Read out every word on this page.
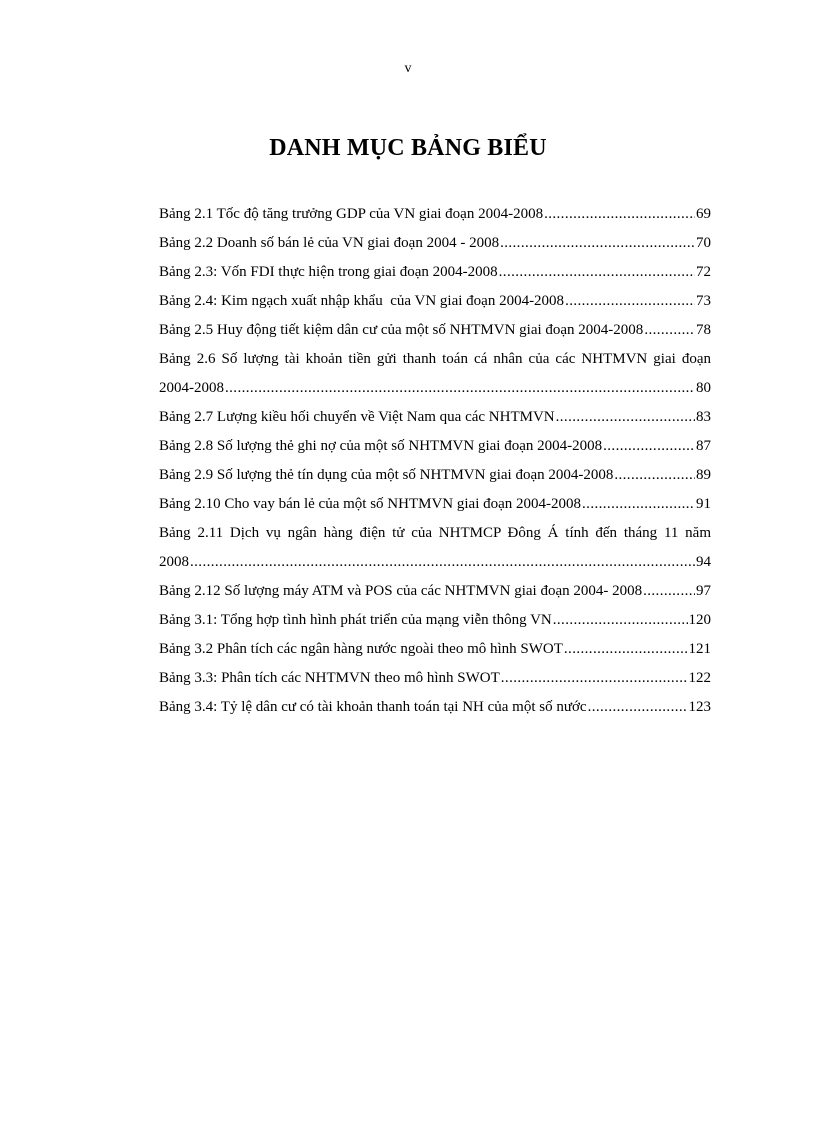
v
DANH MỤC BẢNG BIỂU
Bảng 2.1 Tốc độ tăng trưởng GDP của VN giai đoạn 2004-2008 .....	69
Bảng 2.2 Doanh số bán lẻ của VN giai đoạn 2004 - 2008 .....	70
Bảng 2.3: Vốn FDI thực hiện trong giai đoạn 2004-2008 .....	72
Bảng 2.4: Kim ngạch xuất nhập khẩu  của VN giai đoạn 2004-2008 .....	73
Bảng 2.5 Huy động tiết kiệm dân cư của một số NHTMVN giai đoạn 2004-2008 .....	78
Bảng 2.6 Số lượng tài khoản tiền gửi thanh toán cá nhân của các NHTMVN giai đoạn
2004-2008 .....	80
Bảng 2.7 Lượng kiều hối chuyển về Việt Nam qua các NHTMVN .....	83
Bảng 2.8 Số lượng thẻ ghi nợ của một số NHTMVN giai đoạn 2004-2008 .....	87
Bảng 2.9 Số lượng thẻ tín dụng của một số NHTMVN giai đoạn 2004-2008 .....	89
Bảng 2.10 Cho vay bán lẻ của một số NHTMVN giai đoạn 2004-2008 .....	91
Bảng 2.11 Dịch vụ ngân hàng điện tử của NHTMCP Đông Á tính đến tháng 11 năm
2008 .....	94
Bảng 2.12 Số lượng máy ATM và POS của các NHTMVN giai đoạn 2004- 2008 .....	97
Bảng 3.1: Tổng hợp tình hình phát triển của mạng viễn thông VN .....	120
Bảng 3.2 Phân tích các ngân hàng nước ngoài theo mô hình SWOT .....	121
Bảng 3.3: Phân tích các NHTMVN theo mô hình SWOT .....	122
Bảng 3.4: Tỷ lệ dân cư có tài khoản thanh toán tại NH của một số nước .....	123
